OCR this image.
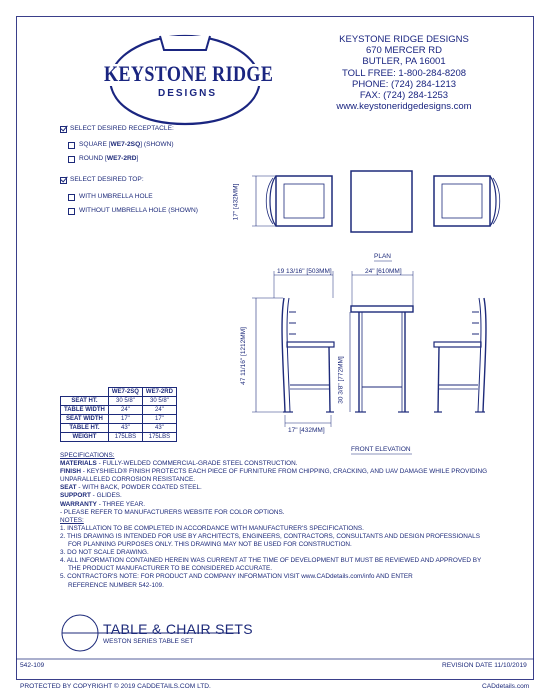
KEYSTONE RIDGE
DESIGNS
KEYSTONE RIDGE DESIGNS
670 MERCER RD
BUTLER, PA 16001
TOLL FREE: 1-800-284-8208
PHONE: (724) 284-1213
FAX: (724) 284-1253
www.keystoneridgedesigns.com
SELECT DESIRED RECEPTACLE:
SQUARE [WE7-2SQ] (SHOWN)
ROUND [WE7-2RD]
SELECT DESIRED TOP:
WITH UMBRELLA HOLE
WITHOUT UMBRELLA HOLE (SHOWN)	17" [432MM]
PLAN
19 13/16" [503MM]	24" [610MM]
47 11/16" [1212MM]	30 3/8" [772MM]
17" [432MM]
FRONT ELEVATION
	WE7-2SQ	WE7-2RD
SEAT HT.	30 5/8"	30 5/8"
TABLE WIDTH	24"	24"
SEAT WIDTH	17"	17"
TABLE HT.	43"	43"
WEIGHT	175LBS	175LBS
SPECIFICATIONS:
MATERIALS - FULLY-WELDED COMMERCIAL-GRADE STEEL CONSTRUCTION.
FINISH - KEYSHIELD® FINISH PROTECTS EACH PIECE OF FURNITURE FROM CHIPPING, CRACKING, AND UAV DAMAGE WHILE PROVIDING
UNPARALLELED CORROSION RESISTANCE.
SEAT - WITH BACK, POWDER COATED STEEL.
SUPPORT - GLIDES.
WARRANTY - THREE YEAR.
- PLEASE REFER TO MANUFACTURERS WEBSITE FOR COLOR OPTIONS.
NOTES:
1. INSTALLATION TO BE COMPLETED IN ACCORDANCE WITH MANUFACTURER'S SPECIFICATIONS.
2. THIS DRAWING IS INTENDED FOR USE BY ARCHITECTS, ENGINEERS, CONTRACTORS, CONSULTANTS AND DESIGN PROFESSIONALS
FOR PLANNING PURPOSES ONLY. THIS DRAWING MAY NOT BE USED FOR CONSTRUCTION.
3. DO NOT SCALE DRAWING.
4. ALL INFORMATION CONTAINED HEREIN WAS CURRENT AT THE TIME OF DEVELOPMENT BUT MUST BE REVIEWED AND APPROVED BY
THE PRODUCT MANUFACTURER TO BE CONSIDERED ACCURATE.
5. CONTRACTOR'S NOTE: FOR PRODUCT AND COMPANY INFORMATION VISIT www.CADdetails.com/info AND ENTER
REFERENCE NUMBER 542-109.
TABLE & CHAIR SETS
WESTON SERIES TABLE SET
542-109	REVISION DATE 11/10/2019
PROTECTED BY COPYRIGHT © 2019 CADDETAILS.COM LTD.	CADdetails.com
